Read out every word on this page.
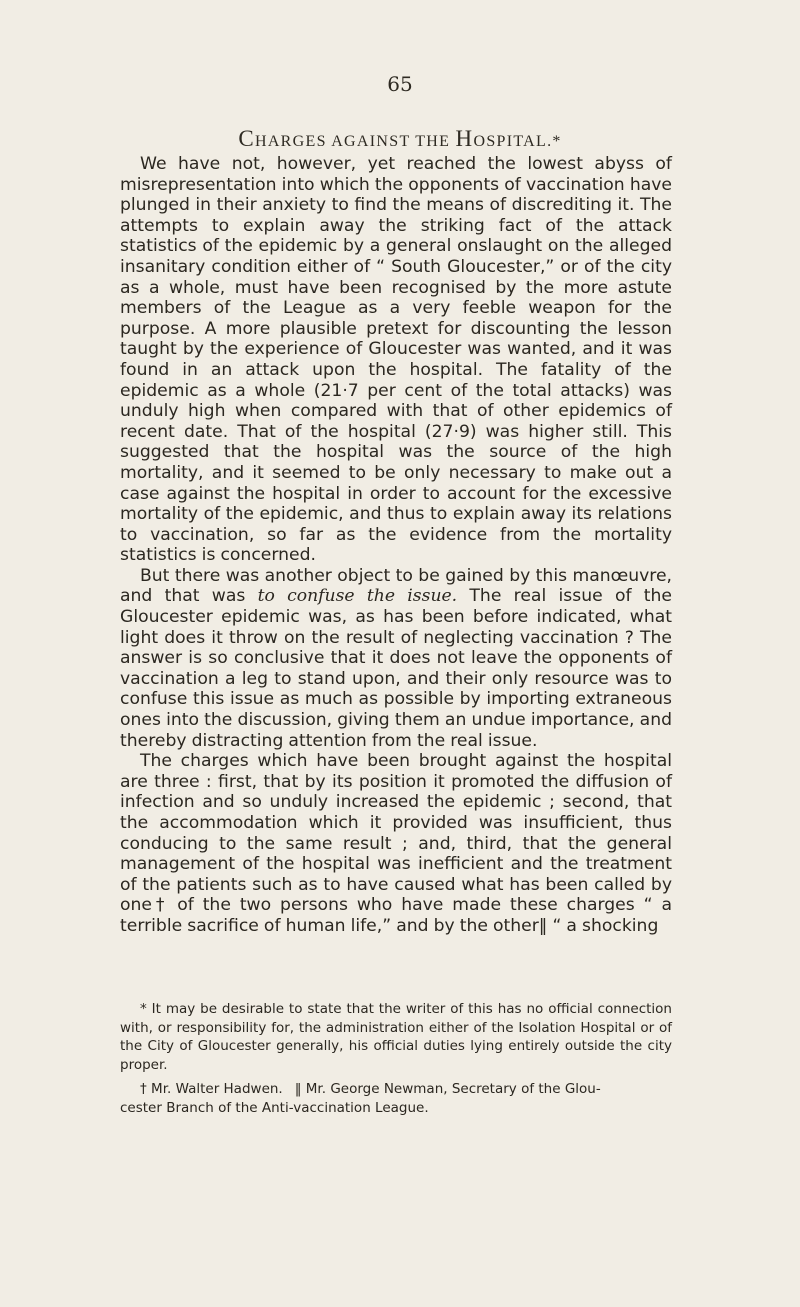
65
CHARGES AGAINST THE HOSPITAL.*

We have not, however, yet reached the lowest abyss of misrepresentation into which the opponents of vaccination have plunged in their anxiety to find the means of discrediting it. The attempts to explain away the striking fact of the attack statistics of the epidemic by a general onslaught on the alleged insanitary condition either of “ South Gloucester,” or of the city as a whole, must have been recognised by the more astute members of the League as a very feeble weapon for the purpose. A more plausible pretext for discounting the lesson taught by the experience of Gloucester was wanted, and it was found in an attack upon the hospital. The fatality of the epidemic as a whole (21·7 per cent of the total attacks) was unduly high when compared with that of other epidemics of recent date. That of the hospital (27·9) was higher still. This suggested that the hospital was the source of the high mortality, and it seemed to be only necessary to make out a case against the hospital in order to account for the excessive mortality of the epidemic, and thus to explain away its relations to vaccination, so far as the evidence from the mortality statistics is concerned.

But there was another object to be gained by this manœuvre, and that was to confuse the issue. The real issue of the Gloucester epidemic was, as has been before indicated, what light does it throw on the result of neglecting vaccination ? The answer is so conclusive that it does not leave the opponents of vaccination a leg to stand upon, and their only resource was to confuse this issue as much as possible by importing extraneous ones into the discussion, giving them an undue importance, and thereby distracting attention from the real issue.

The charges which have been brought against the hospital are three : first, that by its position it promoted the diffusion of infection and so unduly increased the epidemic ; second, that the accommodation which it provided was insufficient, thus conducing to the same result ; and, third, that the general management of the hospital was inefficient and the treatment of the patients such as to have caused what has been called by one† of the two persons who have made these charges “ a terrible sacrifice of human life,” and by the other‖ “ a shocking

* It may be desirable to state that the writer of this has no official connection with, or responsibility for, the administration either of the Isolation Hospital or of the City of Gloucester generally, his official duties lying entirely outside the city proper.

† Mr. Walter Hadwen. ‖ Mr. George Newman, Secretary of the Glou-
cester Branch of the Anti-vaccination League.
